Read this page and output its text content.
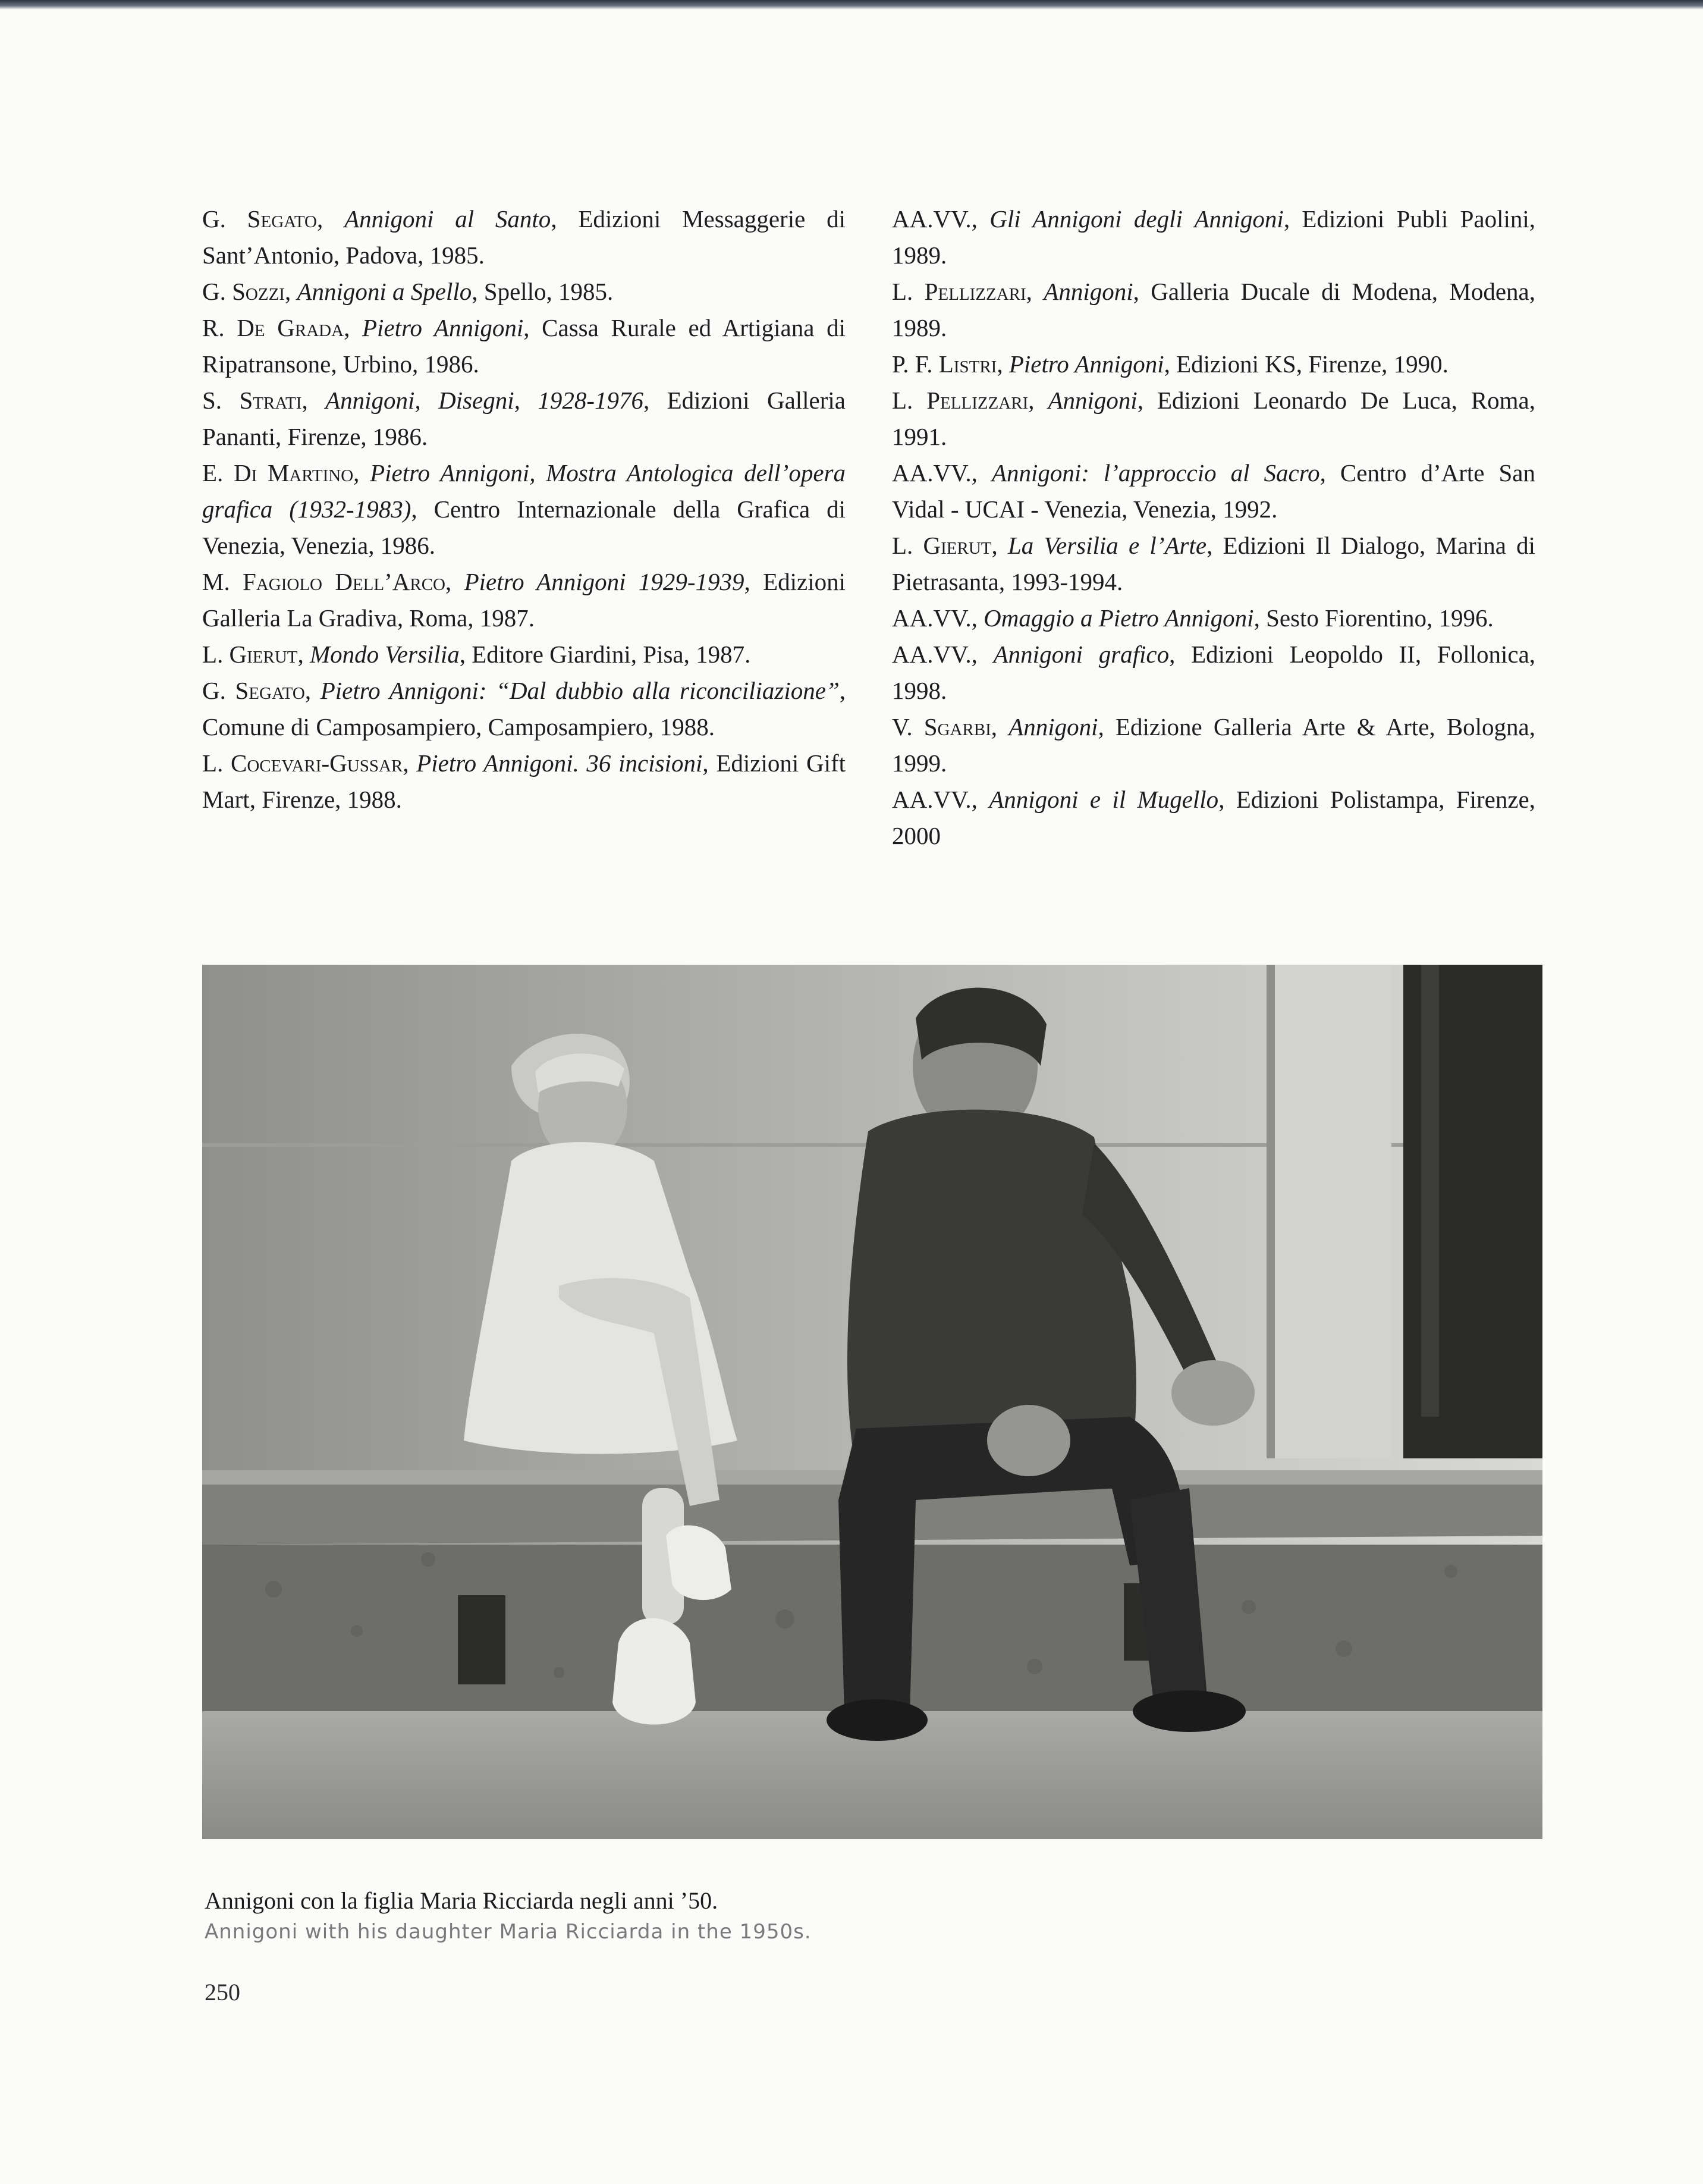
G. Segato, Annigoni al Santo, Edizioni Messaggerie di Sant’Antonio, Padova, 1985.

G. Sozzi, Annigoni a Spello, Spello, 1985.

R. De Grada, Pietro Annigoni, Cassa Rurale ed Artigiana di Ripatransone, Urbino, 1986.

S. Strati, Annigoni, Disegni, 1928-1976, Edizioni Galleria Pananti, Firenze, 1986.

E. Di Martino, Pietro Annigoni, Mostra Antologica dell’opera grafica (1932-1983), Centro Internazionale della Grafica di Venezia, Venezia, 1986.

M. Fagiolo Dell’Arco, Pietro Annigoni 1929-1939, Edizioni Galleria La Gradiva, Roma, 1987.

L. Gierut, Mondo Versilia, Editore Giardini, Pisa, 1987.

G. Segato, Pietro Annigoni: “Dal dubbio alla riconciliazione”, Comune di Camposampiero, Camposampiero, 1988.

L. Cocevari-Gussar, Pietro Annigoni. 36 incisioni, Edizioni Gift Mart, Firenze, 1988.

AA.VV., Gli Annigoni degli Annigoni, Edizioni Publi Paolini, 1989.

L. Pellizzari, Annigoni, Galleria Ducale di Modena, Modena, 1989.

P. F. Listri, Pietro Annigoni, Edizioni KS, Firenze, 1990.

L. Pellizzari, Annigoni, Edizioni Leonardo De Luca, Roma, 1991.

AA.VV., Annigoni: l’approccio al Sacro, Centro d’Arte San Vidal - UCAI - Venezia, Venezia, 1992.

L. Gierut, La Versilia e l’Arte, Edizioni Il Dialogo, Marina di Pietrasanta, 1993-1994.

AA.VV., Omaggio a Pietro Annigoni, Sesto Fiorentino, 1996.

AA.VV., Annigoni grafico, Edizioni Leopoldo II, Follonica, 1998.

V. Sgarbi, Annigoni, Edizione Galleria Arte & Arte, Bologna, 1999.

AA.VV., Annigoni e il Mugello, Edizioni Polistampa, Firenze, 2000

Annigoni con la figlia Maria Ricciarda negli anni ’50.
Annigoni with his daughter Maria Ricciarda in the 1950s.
250
